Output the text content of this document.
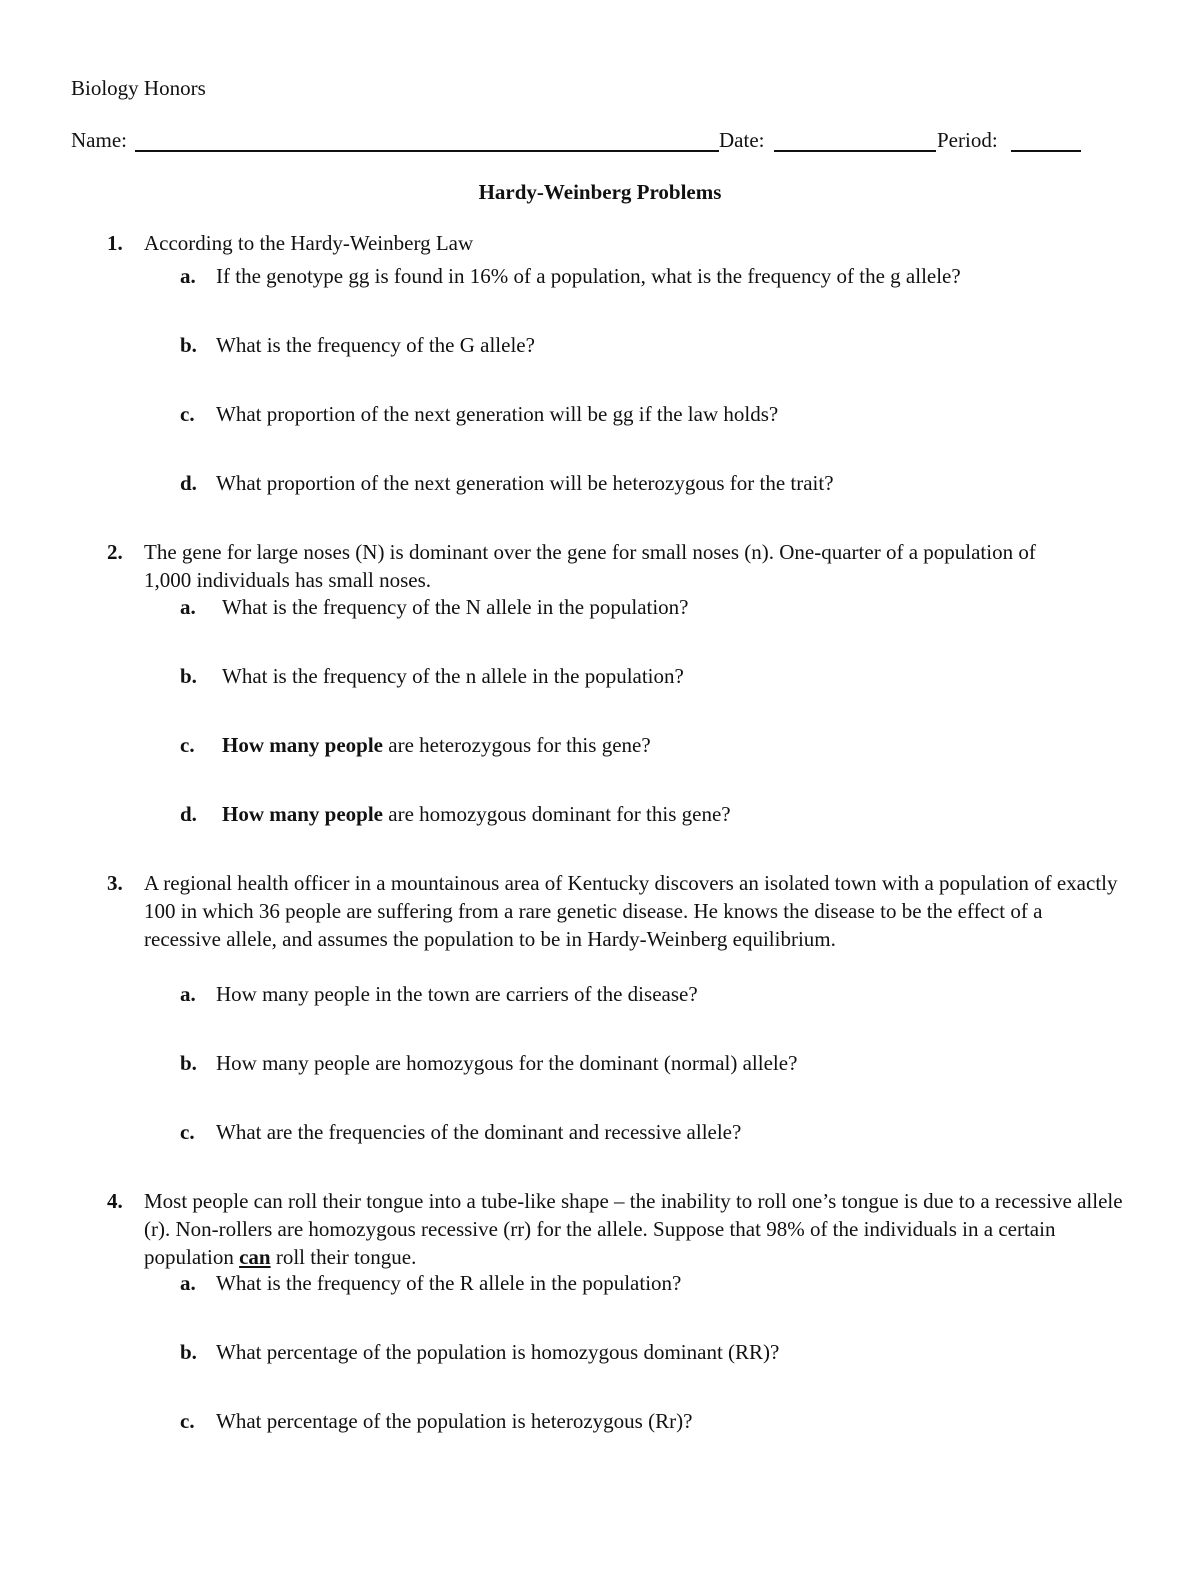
Biology Honors
Name:	Date:	Period:
Hardy-Weinberg Problems
1. According to the Hardy-Weinberg Law
a. If the genotype gg is found in 16% of a population, what is the frequency of the g allele?
b. What is the frequency of the G allele?
c. What proportion of the next generation will be gg if the law holds?
d. What proportion of the next generation will be heterozygous for the trait?
2. The gene for large noses (N) is dominant over the gene for small noses (n). One-quarter of a population of 1,000 individuals has small noses.
a. What is the frequency of the N allele in the population?
b. What is the frequency of the n allele in the population?
c. How many people are heterozygous for this gene?
d. How many people are homozygous dominant for this gene?
3. A regional health officer in a mountainous area of Kentucky discovers an isolated town with a population of exactly 100 in which 36 people are suffering from a rare genetic disease. He knows the disease to be the effect of a recessive allele, and assumes the population to be in Hardy-Weinberg equilibrium.
a. How many people in the town are carriers of the disease?
b. How many people are homozygous for the dominant (normal) allele?
c. What are the frequencies of the dominant and recessive allele?
4. Most people can roll their tongue into a tube-like shape – the inability to roll one’s tongue is due to a recessive allele (r). Non-rollers are homozygous recessive (rr) for the allele. Suppose that 98% of the individuals in a certain population can roll their tongue.
a. What is the frequency of the R allele in the population?
b. What percentage of the population is homozygous dominant (RR)?
c. What percentage of the population is heterozygous (Rr)?
